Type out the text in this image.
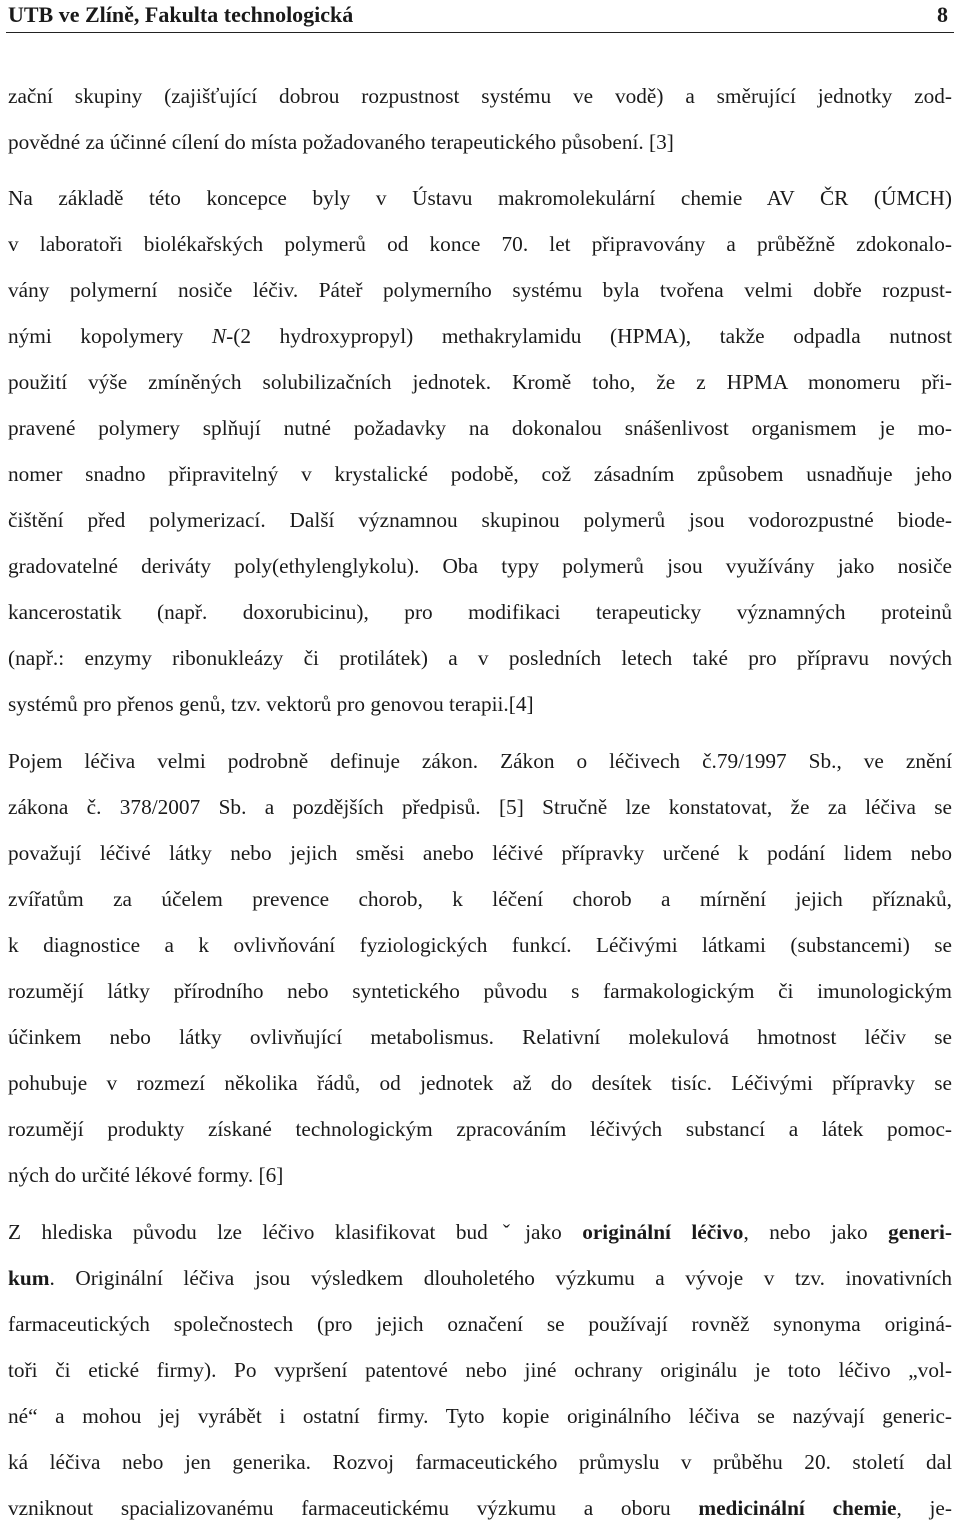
UTB ve Zlíně, Fakulta technologická	8
zační skupiny (zajišťující dobrou rozpustnost systému ve vodě) a směrující jednotky zod-
povědné za účinné cílení do místa požadovaného terapeutického působení. [3]
Na základě této koncepce byly v Ústavu makromolekulární chemie AV ČR (ÚMCH)
v laboratoři biolékařských polymerů od konce 70. let připravovány a průběžně zdokonalo-
vány polymerní nosiče léčiv. Páteř polymerního systému byla tvořena velmi dobře rozpust-
nými kopolymery N-(2 hydroxypropyl) methakrylamidu (HPMA), takže odpadla nutnost
použití výše zmíněných solubilizačních jednotek. Kromě toho, že z HPMA monomeru při-
pravené polymery splňují nutné požadavky na dokonalou snášenlivost organismem je mo-
nomer snadno připravitelný v krystalické podobě, což zásadním způsobem usnadňuje jeho
čištění před polymerizací. Další významnou skupinou polymerů jsou vodorozpustné biode-
gradovatelné deriváty poly(ethylenglykolu). Oba typy polymerů jsou využívány jako nosiče
kancerostatik (např. doxorubicinu), pro modifikaci terapeuticky významných proteinů
(např.: enzymy ribonukleázy či protilátek) a v posledních letech také pro přípravu nových
systémů pro přenos genů, tzv. vektorů pro genovou terapii.[4]
Pojem léčiva velmi podrobně definuje zákon. Zákon o léčivech č.79/1997 Sb., ve znění
zákona č. 378/2007 Sb. a pozdějších předpisů. [5] Stručně lze konstatovat, že za léčiva se
považují léčivé látky nebo jejich směsi anebo léčivé přípravky určené k podání lidem nebo
zvířatům za účelem prevence chorob, k léčení chorob a mírnění jejich příznaků,
k diagnostice a k ovlivňování fyziologických funkcí. Léčivými látkami (substancemi) se
rozumějí látky přírodního nebo syntetického původu s farmakologickým či imunologickým
účinkem nebo látky ovlivňující metabolismus. Relativní molekulová hmotnost léčiv se
pohubuje v rozmezí několika řádů, od jednotek až do desítek tisíc. Léčivými přípravky se
rozumějí produkty získané technologickým zpracováním léčivých substancí a látek pomoc-
ných do určité lékové formy. [6]
Z hlediska původu lze léčivo klasifikovat budˇjako originální léčivo, nebo jako generi-
kum. Originální léčiva jsou výsledkem dlouholetého výzkumu a vývoje v tzv. inovativních
farmaceutických společnostech (pro jejich označení se používají rovněž synonyma originá-
toři či etické firmy). Po vypršení patentové nebo jiné ochrany originálu je toto léčivo „vol-
né“ a mohou jej vyrábět i ostatní firmy. Tyto kopie originálního léčiva se nazývají generic-
ká léčiva nebo jen generika. Rozvoj farmaceutického průmyslu v průběhu 20. století dal
vzniknout spacializovanému farmaceutickému výzkumu a oboru medicinální chemie, je-
